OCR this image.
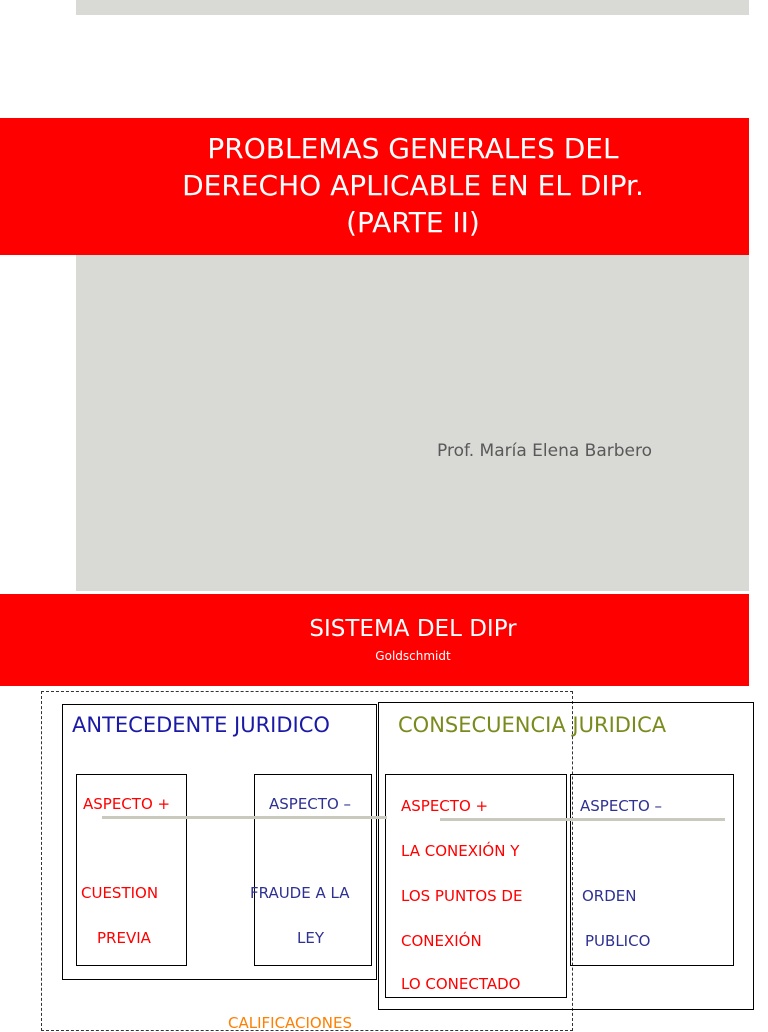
PROBLEMAS GENERALES DEL
DERECHO APLICABLE EN EL DIPr.
(PARTE II)
Prof. María Elena Barbero
SISTEMA DEL DIPr
Goldschmidt
ANTECEDENTE JURIDICO	CONSECUENCIA JURIDICA
ASPECTO +	ASPECTO –
CUESTION
PREVIA
FRAUDE A LA
LEY
ASPECTO +	ASPECTO –
LA CONEXIÓN Y
LOS PUNTOS DE
CONEXIÓN
LO CONECTADO
ORDEN
PUBLICO
CALIFICACIONES
